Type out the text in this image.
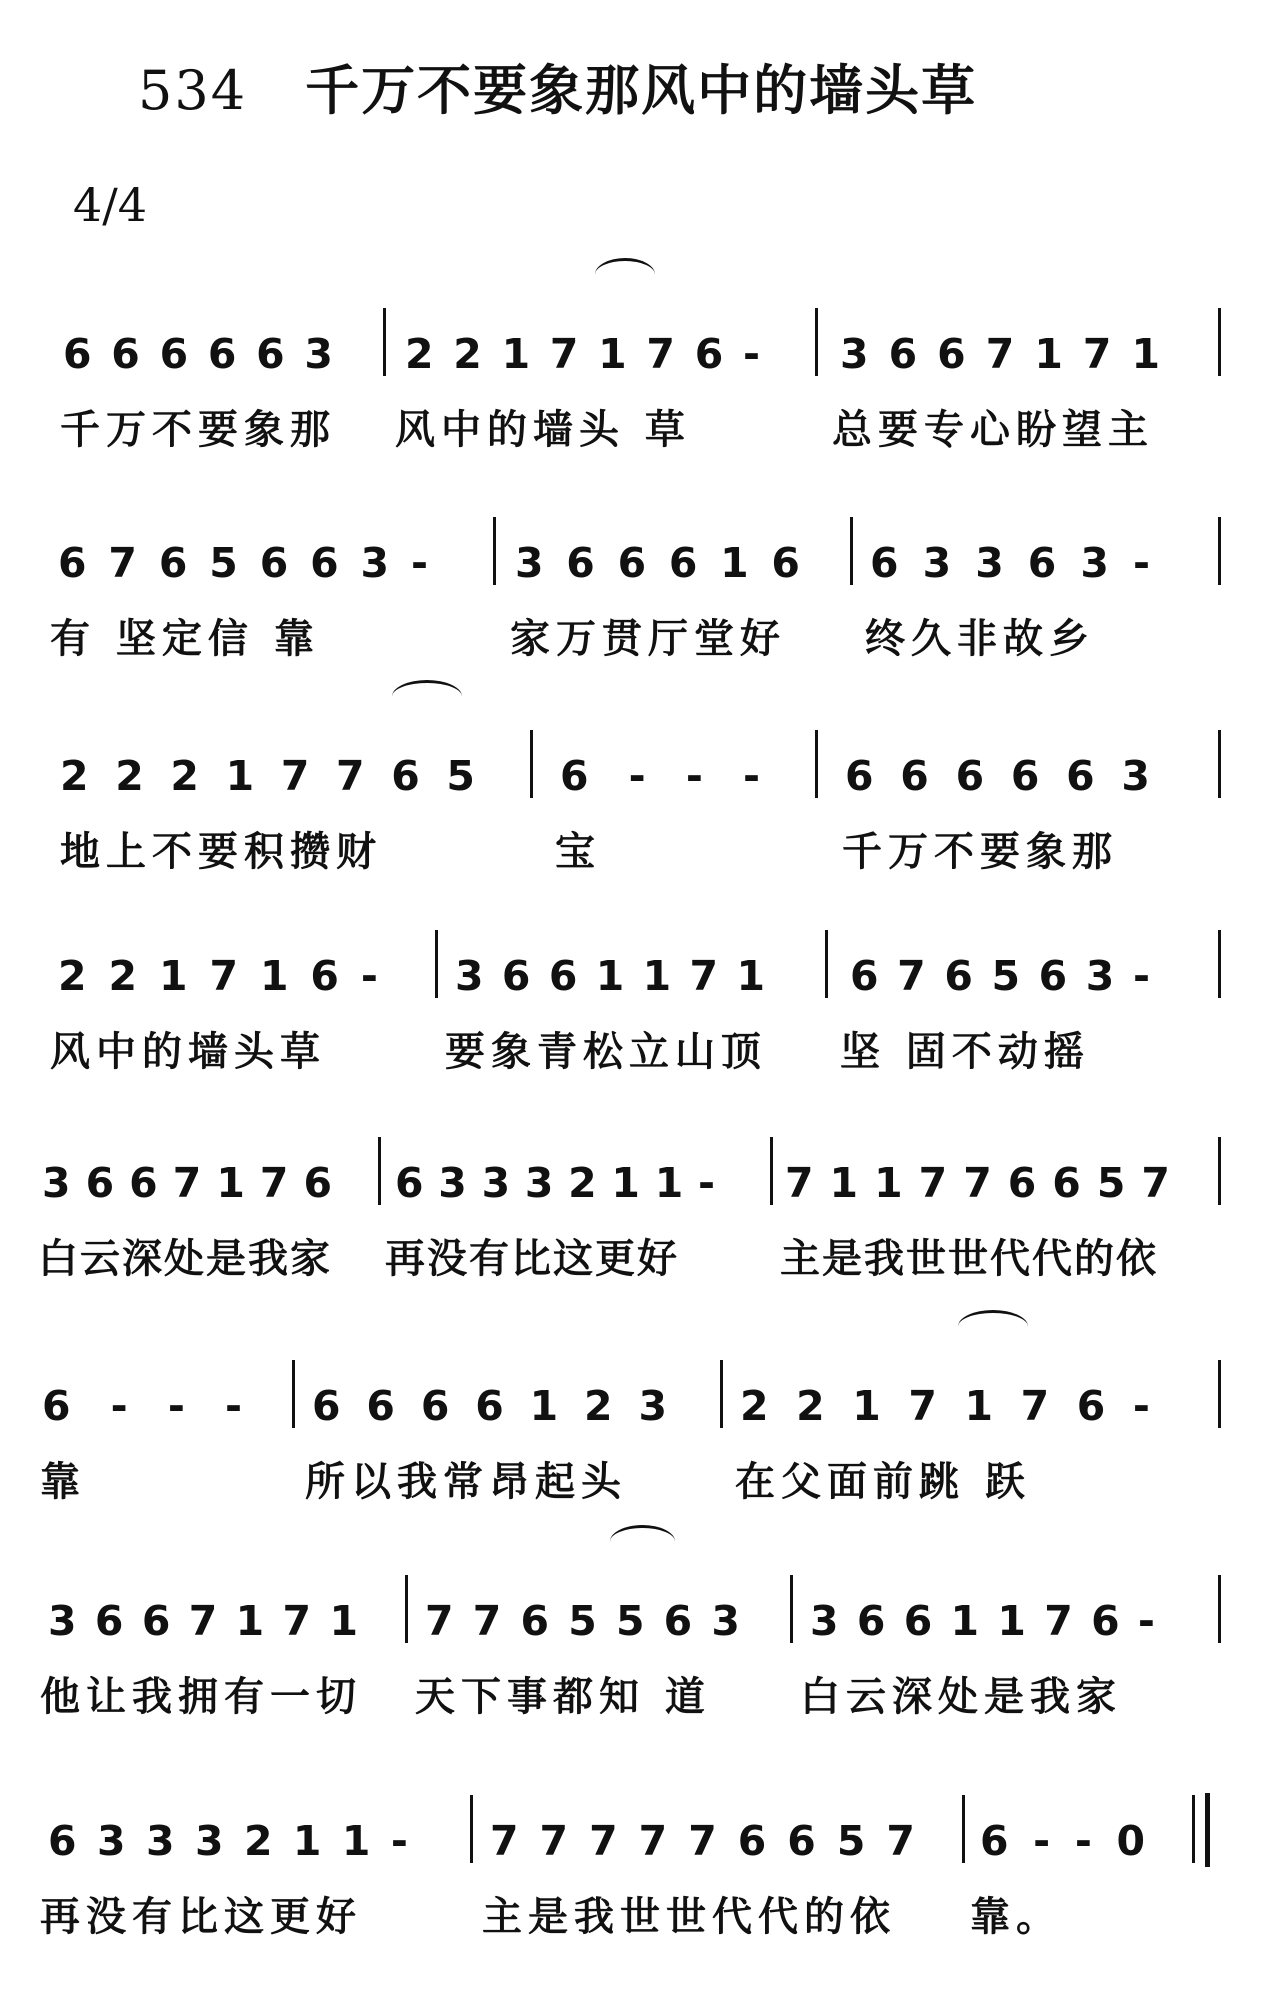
534 千万不要象那风中的墙头草
4/4
6 6 6 6 6 3 2 2 1 7 1 7 6 - 3 6 6 7 1 7 1
千万不要象那 风中的墙头 草	总要专心盼望主
6 7 6 5 6 6 3 - 3 6 6 6 1 6 6 3 3 6 3 -
有 坚定信 靠	家万贯厅堂好 终久非故乡
2 2 2 1 7 7 6 5 6 - - - 6 6 6 6 6 3
地上不要积攒财	宝	千万不要象那
2 2 1 7 1 6 - 3 6 6 1 1 7 1 6 7 6 5 6 3 -
风中的墙头草	要象青松立山顶 坚 固不动摇
3 6 6 7 1 7 6 6 3 3 3 2 1 1 - 7 1 1 7 7 6 6 5 7
白云深处是我家 再没有比这更好	主是我世世代代的依
6 - - - 6 6 6 6 1 2 3 2 2 1 7 1 7 6 -
靠	所以我常昂起头	在父面前跳 跃
3 6 6 7 1 7 1 7 7 6 5 5 6 3 3 6 6 1 1 7 6 -
他让我拥有一切 天下事都知 道 白云深处是我家
6 3 3 3 2 1 1 - 7 7 7 7 7 6 6 5 7 6 - - 0
再没有比这更好	主是我世世代代的依 靠。
